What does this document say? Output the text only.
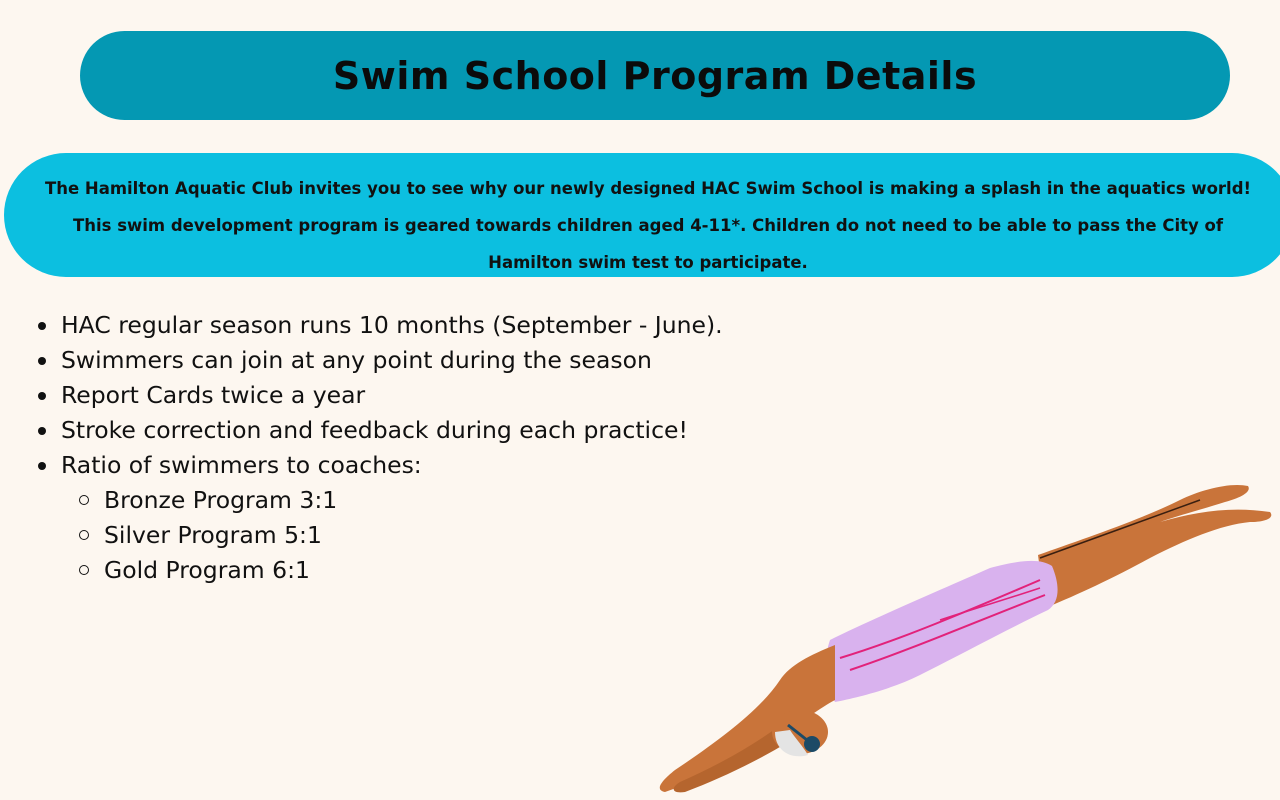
Swim School Program Details

The Hamilton Aquatic Club invites you to see why our newly designed HAC Swim School is making a splash in the aquatics world! This swim development program is geared towards children aged 4-11*. Children do not need to be able to pass the City of Hamilton swim test to participate.

HAC regular season runs 10 months (September - June).
Swimmers can join at any point during the season
Report Cards twice a year
Stroke correction and feedback during each practice!
Ratio of swimmers to coaches:
Bronze Program 3:1
Silver Program 5:1
Gold Program 6:1
